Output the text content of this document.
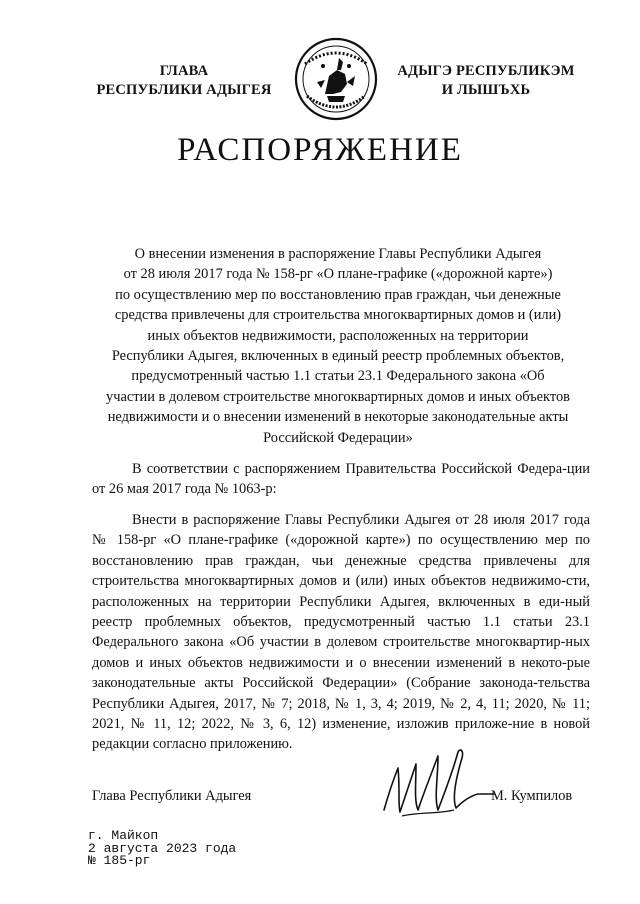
ГЛАВА
РЕСПУБЛИКИ АДЫГЕЯ
АДЫГЭ РЕСПУБЛИКЭМ
И ЛЫШЪХЬ
РАСПОРЯЖЕНИЕ
О внесении изменения в распоряжение Главы Республики Адыгея
от 28 июля 2017 года № 158-рг «О плане-графике («дорожной карте»)
по осуществлению мер по восстановлению прав граждан, чьи денежные
средства привлечены для строительства многоквартирных домов и (или)
иных объектов недвижимости, расположенных на территории
Республики Адыгея, включенных в единый реестр проблемных объектов,
предусмотренный частью 1.1 статьи 23.1 Федерального закона «Об
участии в долевом строительстве многоквартирных домов и иных объектов
недвижимости и о внесении изменений в некоторые законодательные акты
Российской Федерации»
В соответствии с распоряжением Правительства Российской Федера-ции от 26 мая 2017 года № 1063-р:
Внести в распоряжение Главы Республики Адыгея от 28 июля 2017 года № 158-рг «О плане-графике («дорожной карте») по осуществлению мер по восстановлению прав граждан, чьи денежные средства привлечены для строительства многоквартирных домов и (или) иных объектов недвижимо-сти, расположенных на территории Республики Адыгея, включенных в еди-ный реестр проблемных объектов, предусмотренный частью 1.1 статьи 23.1 Федерального закона «Об участии в долевом строительстве многоквартир-ных домов и иных объектов недвижимости и о внесении изменений в некото-рые законодательные акты Российской Федерации» (Собрание законода-тельства Республики Адыгея, 2017, № 7; 2018, № 1, 3, 4; 2019, № 2, 4, 11; 2020, № 11; 2021, № 11, 12; 2022, № 3, 6, 12) изменение, изложив приложе-ние в новой редакции согласно приложению.
Глава Республики Адыгея	М. Кумпилов
г. Майкоп
2 августа 2023 года
№ 185-рг
